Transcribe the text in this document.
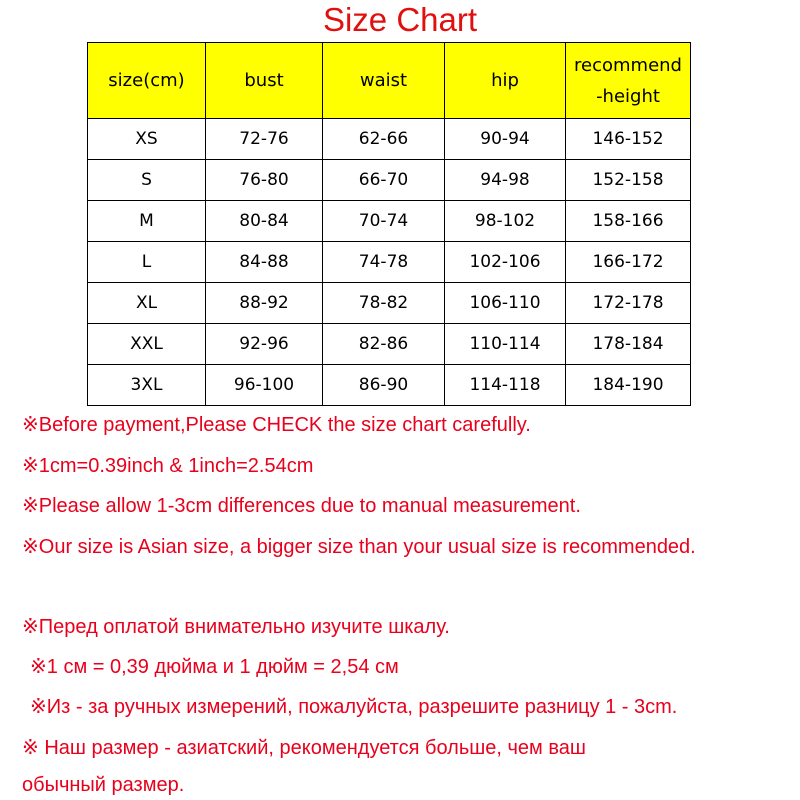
Size Chart
size(cm)	bust	waist	hip	recommend
-height
XS	72-76	62-66	90-94	146-152
S	76-80	66-70	94-98	152-158
M	80-84	70-74	98-102	158-166
L	84-88	74-78	102-106	166-172
XL	88-92	78-82	106-110	172-178
XXL	92-96	82-86	110-114	178-184
3XL	96-100	86-90	114-118	184-190
※Before payment,Please CHECK the size chart carefully.
※1cm=0.39inch & 1inch=2.54cm
※Please allow 1-3cm differences due to manual measurement.
※Our size is Asian size, a bigger size than your usual size is recommended.
※Перед оплатой внимательно изучите шкалу.
※1 см = 0,39 дюйма и 1 дюйм = 2,54 см
※Из - за ручных измерений, пожалуйста, разрешите разницу 1 - 3cm.
※ Наш размер - азиатский, рекомендуется больше, чем ваш
обычный размер.
